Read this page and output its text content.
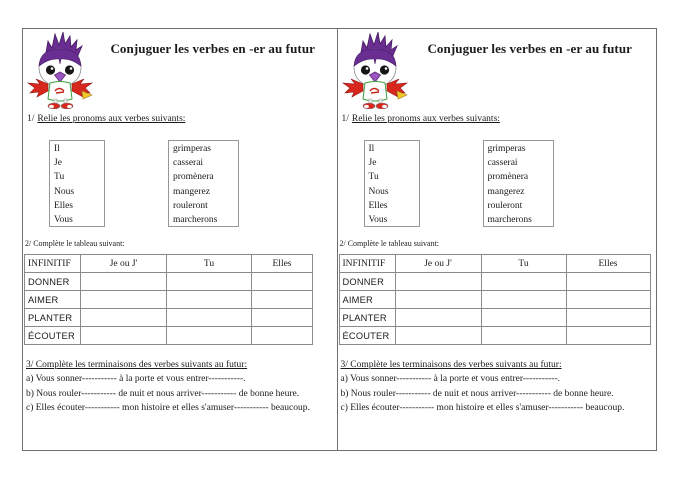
Conjuguer les verbes en -er au futur

1/ Relie les pronoms aux verbes suivants:

Il
Je
Tu
Nous
Elles
Vous
grimperas
casserai
promènera
mangerez
rouleront
marcherons

2/ Complète le tableau suivant:

INFINITIF	Je ou J'	Tu	Elles
DONNER			
AIMER			
PLANTER			
ÉCOUTER			

3/ Complète les terminaisons des verbes suivants au futur:

a) Vous sonner----------- à la porte et vous entrer-----------.

b) Nous rouler----------- de nuit et nous arriver----------- de bonne heure.

c) Elles écouter----------- mon histoire et elles s'amuser----------- beaucoup.

Conjuguer les verbes en -er au futur

1/ Relie les pronoms aux verbes suivants:

Il
Je
Tu
Nous
Elles
Vous
grimperas
casserai
promènera
mangerez
rouleront
marcherons

2/ Complète le tableau suivant:

INFINITIF	Je ou J'	Tu	Elles
DONNER			
AIMER			
PLANTER			
ÉCOUTER			

3/ Complète les terminaisons des verbes suivants au futur:

a) Vous sonner----------- à la porte et vous entrer-----------.

b) Nous rouler----------- de nuit et nous arriver----------- de bonne heure.

c) Elles écouter----------- mon histoire et elles s'amuser----------- beaucoup.
